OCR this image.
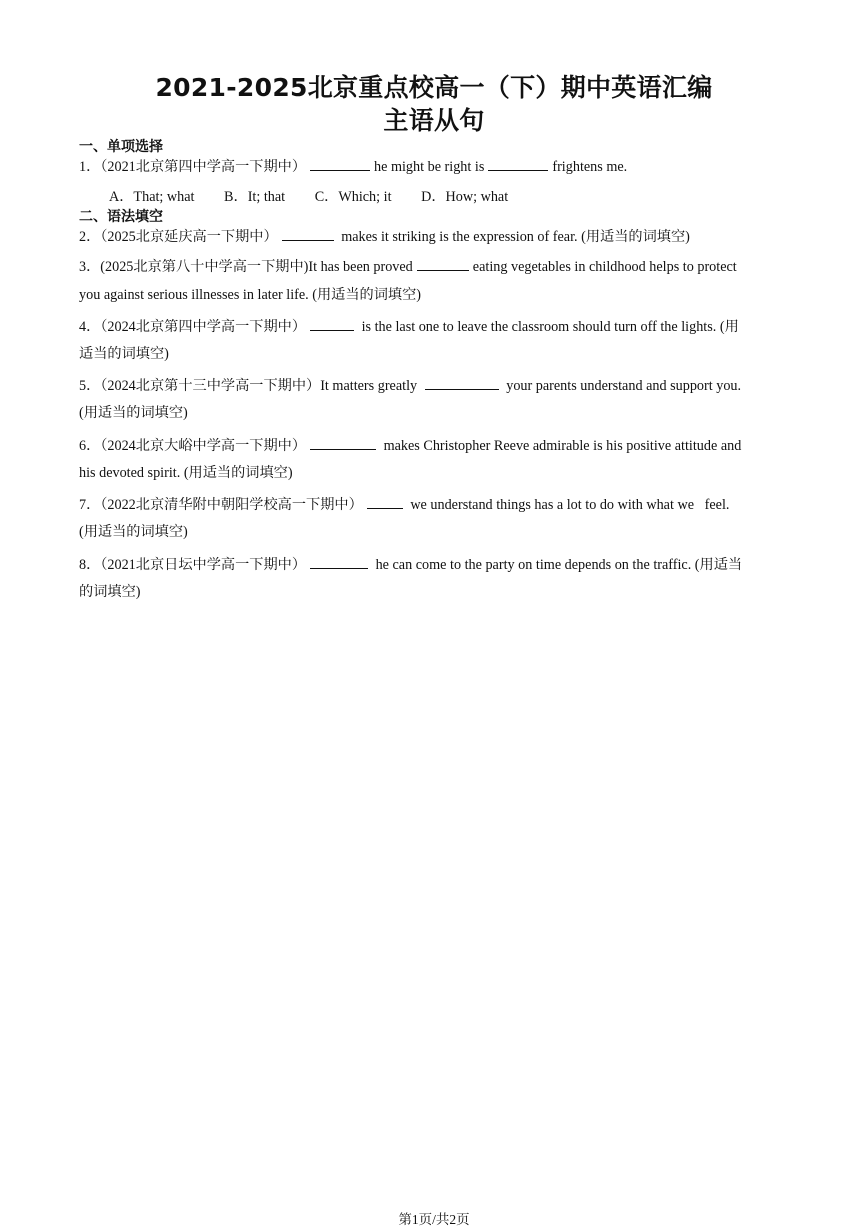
2021-2025北京重点校高一（下）期中英语汇编
主语从句
一、单项选择
1．（2021北京第四中学高一下期中）	he might be right is	frightens me.
A．That; what B．It; that C．Which; it D．How; what
二、语法填空
2．（2025北京延庆高一下期中）	makes it striking is the expression of fear. (用适当的词填空)
3．(2025北京第八十中学高一下期中)It has been proved	eating vegetables in childhood helps to protect
you against serious illnesses in later life. (用适当的词填空)
4．（2024北京第四中学高一下期中）	is the last one to leave the classroom should turn off the lights. (用
适当的词填空)
5．（2024北京第十三中学高一下期中）It matters greatly	your parents understand and support you.
(用适当的词填空)
6．（2024北京大峪中学高一下期中）	makes Christopher Reeve admirable is his positive attitude and
his devoted spirit. (用适当的词填空)
7．（2022北京清华附中朝阳学校高一下期中）	we understand things has a lot to do with what we feel.
(用适当的词填空)
8．（2021北京日坛中学高一下期中）	he can come to the party on time depends on the traffic. (用适当
的词填空)
第1页/共2页
